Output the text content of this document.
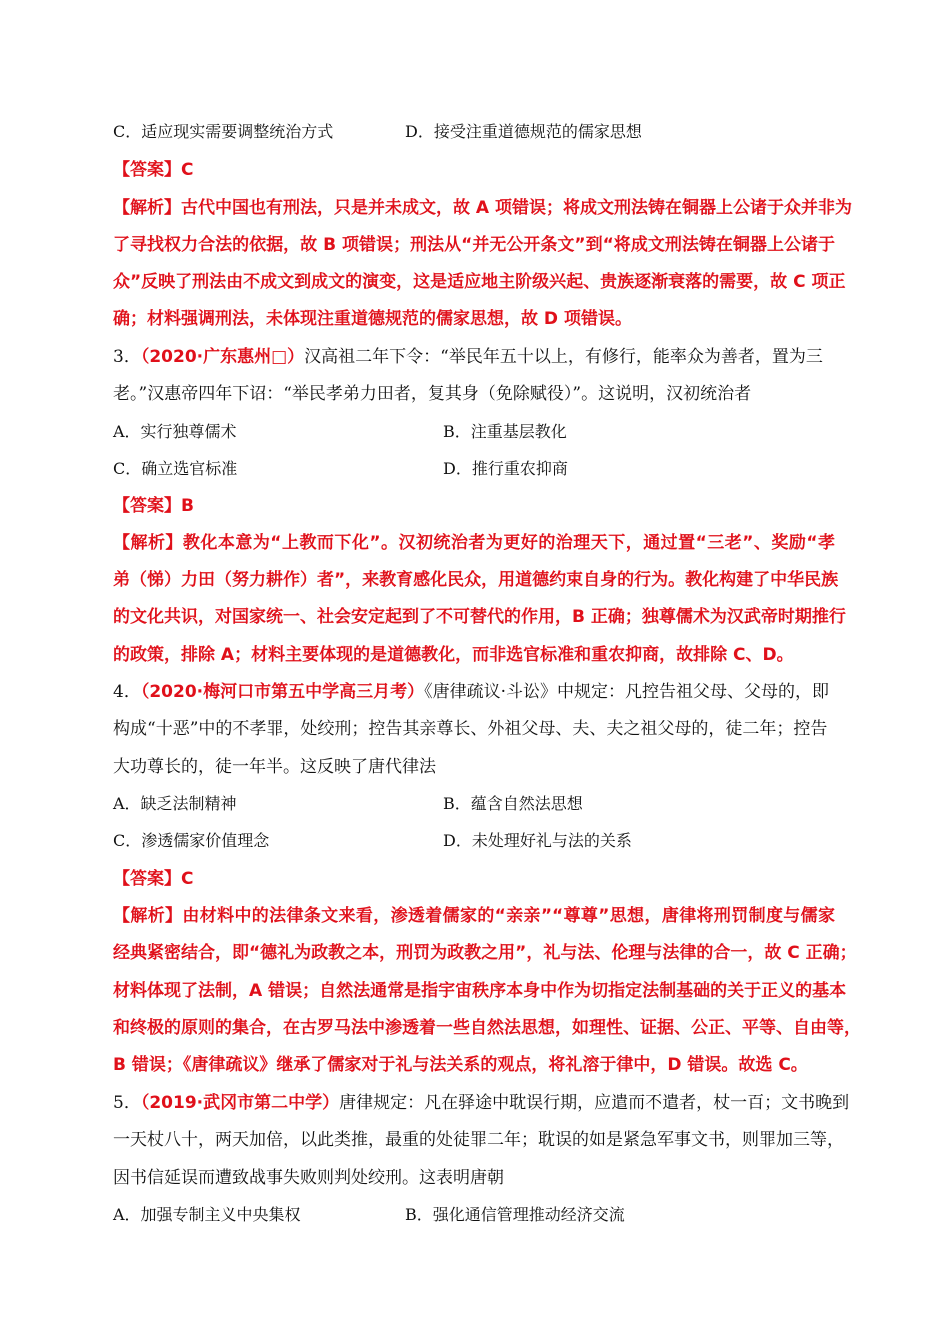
C．适应现实需要调整统治方式	D．接受注重道德规范的儒家思想
【答案】C
【解析】古代中国也有刑法，只是并未成文，故 A 项错误；将成文刑法铸在铜器上公诸于众并非为
了寻找权力合法的依据，故 B 项错误；刑法从“并无公开条文”到“将成文刑法铸在铜器上公诸于
众”反映了刑法由不成文到成文的演变，这是适应地主阶级兴起、贵族逐渐衰落的需要，故 C 项正
确；材料强调刑法，未体现注重道德规范的儒家思想，故 D 项错误。
3．（2020·广东惠州□）汉高祖二年下令：“举民年五十以上，有修行，能率众为善者，置为三
老。”汉惠帝四年下诏：“举民孝弟力田者，复其身（免除赋役）”。这说明，汉初统治者
A．实行独尊儒术	B．注重基层教化
C．确立选官标准	D．推行重农抑商
【答案】B
【解析】教化本意为“上教而下化”。汉初统治者为更好的治理天下，通过置“三老”、奖励“孝
弟（悌）力田（努力耕作）者”，来教育感化民众，用道德约束自身的行为。教化构建了中华民族
的文化共识，对国家统一、社会安定起到了不可替代的作用，B 正确；独尊儒术为汉武帝时期推行
的政策，排除 A；材料主要体现的是道德教化，而非选官标准和重农抑商，故排除 C、D。
4．（2020·梅河口市第五中学高三月考）《唐律疏议·斗讼》中规定：凡控告祖父母、父母的，即
构成“十恶”中的不孝罪，处绞刑；控告其亲尊长、外祖父母、夫、夫之祖父母的，徒二年；控告
大功尊长的，徒一年半。这反映了唐代律法
A．缺乏法制精神	B．蕴含自然法思想
C．渗透儒家价值理念	D．未处理好礼与法的关系
【答案】C
【解析】由材料中的法律条文来看，渗透着儒家的“亲亲”“尊尊”思想，唐律将刑罚制度与儒家
经典紧密结合，即“德礼为政教之本，刑罚为政教之用”，礼与法、伦理与法律的合一，故 C 正确；
材料体现了法制，A 错误；自然法通常是指宇宙秩序本身中作为切指定法制基础的关于正义的基本
和终极的原则的集合，在古罗马法中渗透着一些自然法思想，如理性、证据、公正、平等、自由等，
B 错误；《唐律疏议》继承了儒家对于礼与法关系的观点，将礼溶于律中，D 错误。故选 C。
5．（2019·武冈市第二中学）唐律规定：凡在驿途中耽误行期，应遣而不遣者，杖一百；文书晚到
一天杖八十，两天加倍，以此类推，最重的处徒罪二年；耽误的如是紧急军事文书，则罪加三等，
因书信延误而遭致战事失败则判处绞刑。这表明唐朝
A．加强专制主义中央集权	B．强化通信管理推动经济交流
